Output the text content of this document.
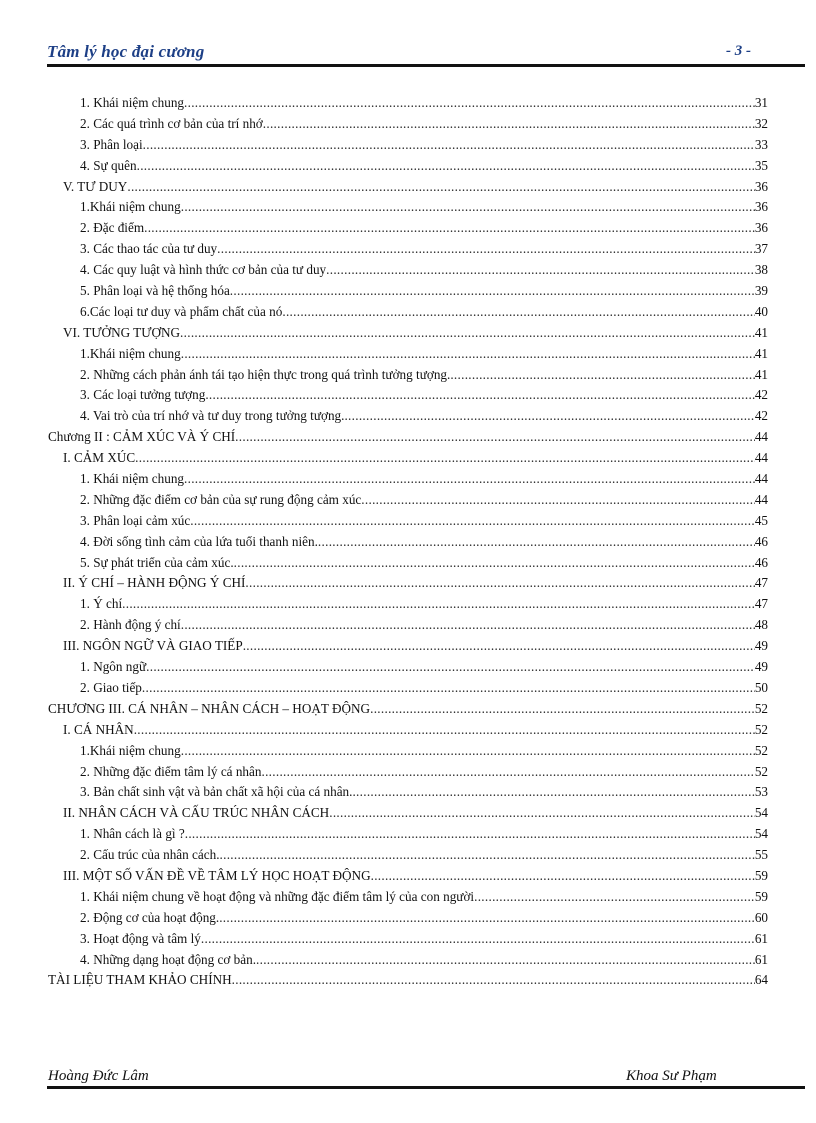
Tâm lý học đại cương	- 3 -
1. Khái niệm chung .....	31
2. Các quá trình cơ bản của trí nhớ .....	32
3. Phân loại .....	33
4. Sự quên .....	35
V. TƯ DUY .....	36
1.Khái niệm chung .....	36
2. Đặc điểm .....	36
3. Các thao tác của tư duy .....	37
4. Các quy luật và hình thức cơ bản của tư duy .....	38
5. Phân loại và hệ thống hóa .....	39
6.Các loại tư duy và phẩm chất của nó .....	40
VI. TƯỞNG TƯỢNG .....	41
1.Khái niệm chung .....	41
2. Những cách phản ánh tái tạo hiện thực trong quá trình tưởng tượng. .....	41
3. Các loại tưởng tượng .....	42
4. Vai trò của trí nhớ và tư duy trong tưởng tượng. .....	42
Chương II : CẢM XÚC VÀ Ý CHÍ .....	44
I. CẢM XÚC .....	44
1. Khái niệm chung .....	44
2. Những đặc điểm cơ bản của sự rung động cảm xúc .....	44
3. Phân loại cảm xúc .....	45
4. Đời sống tình cảm của lứa tuổi thanh niên. .....	46
5. Sự phát triển của cảm xúc. .....	46
II. Ý CHÍ – HÀNH ĐỘNG Ý CHÍ .....	47
1. Ý chí .....	47
2. Hành động ý chí .....	48
III. NGÔN NGỮ VÀ GIAO TIẾP .....	49
1. Ngôn ngữ .....	49
2. Giao tiếp .....	50
CHƯƠNG III. CÁ NHÂN – NHÂN CÁCH – HOẠT ĐỘNG .....	52
I. CÁ NHÂN .....	52
1.Khái niệm chung .....	52
2. Những đặc điểm tâm lý cá nhân .....	52
3. Bản chất sinh vật và bản chất xã hội của cá nhân. .....	53
II. NHÂN CÁCH VÀ CẤU TRÚC NHÂN CÁCH .....	54
1. Nhân cách là gì ? .....	54
2. Cấu trúc của nhân cách. .....	55
III. MỘT SỐ VẤN ĐỀ VỀ TÂM LÝ HỌC HOẠT ĐỘNG .....	59
1. Khái niệm chung về hoạt động và những đặc điểm tâm lý của con người .....	59
2. Động cơ của hoạt động. .....	60
3. Hoạt động và tâm lý .....	61
4. Những dạng hoạt động cơ bản. .....	61
TÀI LIỆU THAM KHẢO CHÍNH .....	64
Hoàng Đức Lâm	Khoa Sư Phạm
